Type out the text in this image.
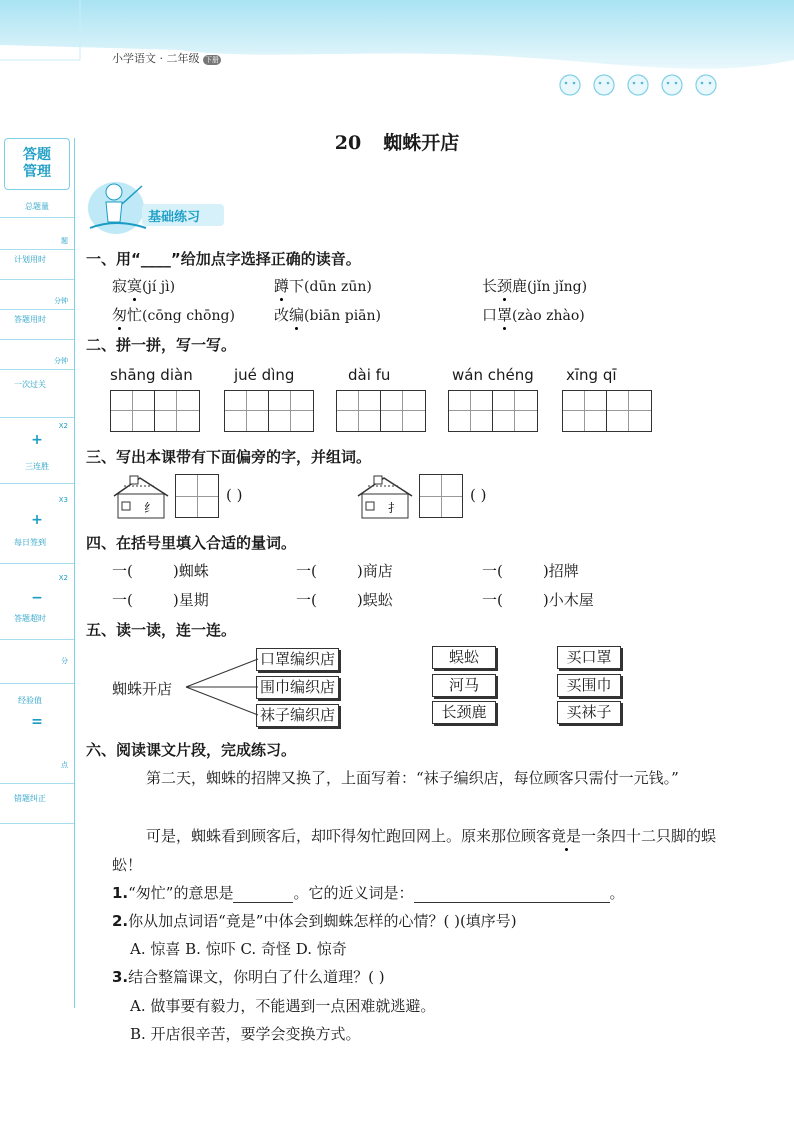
小学语文 · 二年级 下册
20 蜘蛛开店
答题
管理
总题量
题
计划用时
分钟
答题用时
分钟
一次过关
X2
+
三连胜
X3
+
每日签到
X2
−
答题超时
分
经验值
=
点
错题纠正
基础练习
一、用“____”给加点字选择正确的读音。
寂寞(jí jì)	蹲下(dūn zūn)	长颈鹿(jǐn jǐng)
匆忙(cōng chōng)	改编(biān piān)	口罩(zào zhào)
二、拼一拼，写一写。
shāng diàn	jué dìng	dài fu	wán chéng xīng qī
三、写出本课带有下面偏旁的字，并组词。
纟
( )
扌
( )
四、在括号里填入合适的量词。
一(	)蜘蛛	一(	)商店	一(	)招牌
一(	)星期	一(	)蜈蚣	一(	)小木屋
五、读一读，连一连。
蜘蛛开店
口罩编织店
围巾编织店
袜子编织店
蜈蚣
河马
长颈鹿
买口罩
买围巾
买袜子
六、阅读课文片段，完成练习。
第二天，蜘蛛的招牌又换了，上面写着：“袜子编织店，每位顾客只需付一元钱。”
可是，蜘蛛看到顾客后，却吓得匆忙跑回网上。原来那位顾客竟是一条四十二只脚的蜈蚣！
1.“匆忙”的意思是	。它的近义词是：	。
2.你从加点词语“竟是”中体会到蜘蛛怎样的心情？( )(填序号)
A. 惊喜 B. 惊吓 C. 奇怪 D. 惊奇
3.结合整篇课文，你明白了什么道理？( )
A. 做事要有毅力，不能遇到一点困难就逃避。
B. 开店很辛苦，要学会变换方式。
